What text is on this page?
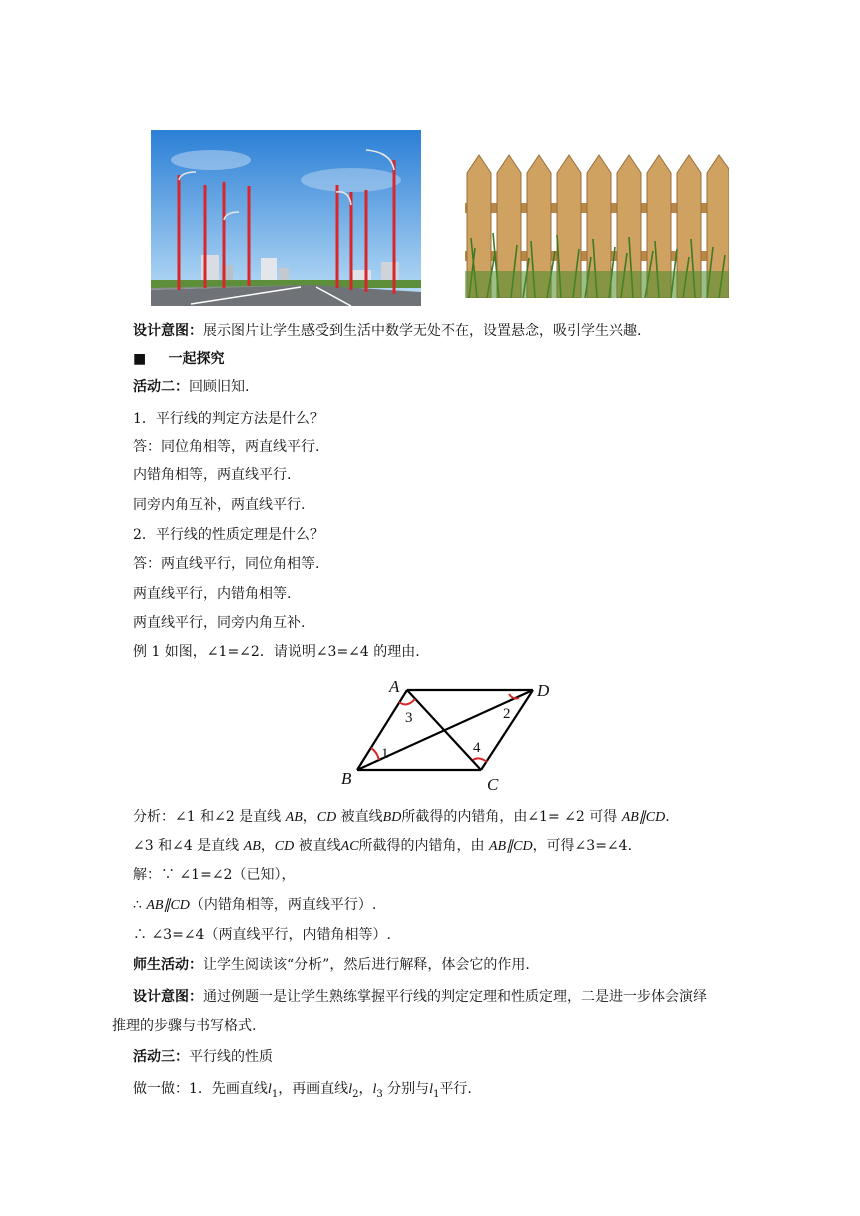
设计意图：展示图片让学生感受到生活中数学无处不在，设置悬念，吸引学生兴趣.
■ 一起探究
活动二：回顾旧知.
1．平行线的判定方法是什么？
答：同位角相等，两直线平行.
内错角相等，两直线平行.
同旁内角互补，两直线平行.
2．平行线的性质定理是什么？
答：两直线平行，同位角相等.
两直线平行，内错角相等.
两直线平行，同旁内角互补.
例 1 如图，∠1=∠2．请说明∠3=∠4 的理由.
A
B	C
D
1
2
3
4
分析：∠1 和∠2 是直线 AB，CD 被直线BD所截得的内错角，由∠1= ∠2 可得 AB∥CD.
∠3 和∠4 是直线 AB，CD 被直线AC所截得的内错角，由 AB∥CD，可得∠3=∠4.
解：∵ ∠1=∠2（已知），
∴ AB∥CD（内错角相等，两直线平行）.
∴ ∠3=∠4（两直线平行，内错角相等）.
师生活动：让学生阅读该“分析”，然后进行解释，体会它的作用.
设计意图：通过例题一是让学生熟练掌握平行线的判定定理和性质定理，二是进一步体会演绎
推理的步骤与书写格式.
活动三：平行线的性质
做一做：1．先画直线$l_1$，再画直线$l_2$，$l_3$ 分别与$l_1$平行.
